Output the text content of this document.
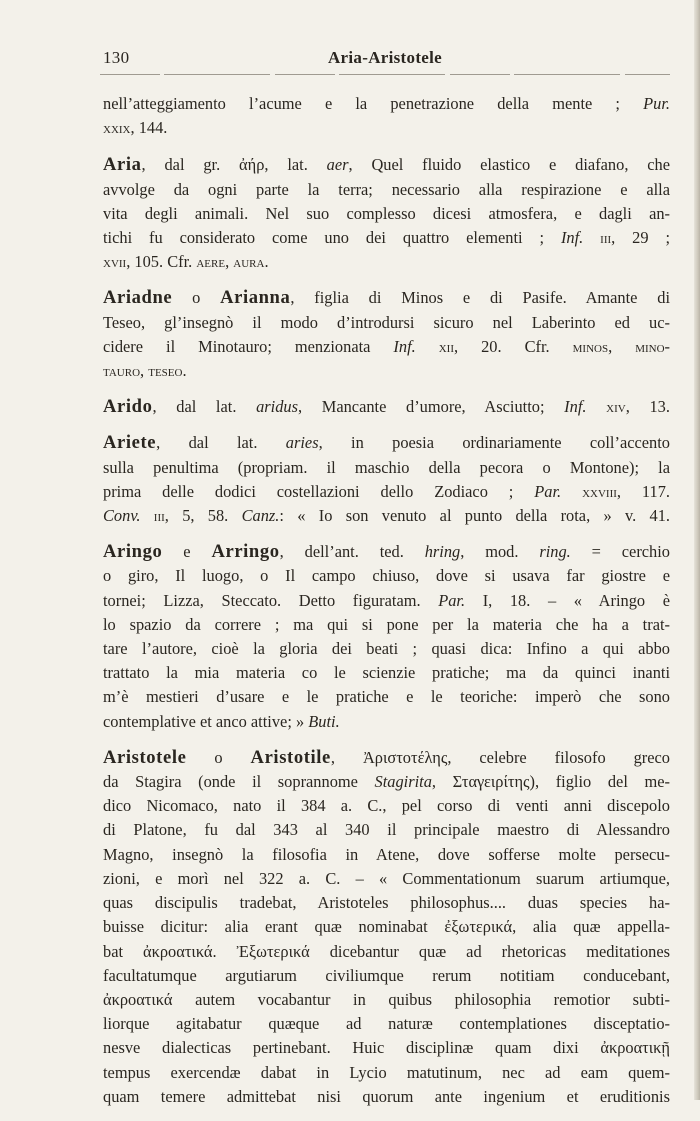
130	Aria-Aristotele
nell’atteggiamento l’acume e la penetrazione della mente ; Pur.
xxix, 144.
Aria, dal gr. ἀήρ, lat. aer, Quel fluido elastico e diafano, che
avvolge da ogni parte la terra; necessario alla respirazione e alla
vita degli animali. Nel suo complesso dicesi atmosfera, e dagli an-
tichi fu considerato come uno dei quattro elementi ; Inf. iii, 29 ;
xvii, 105. Cfr. aere, aura.
Ariadne o Arianna, figlia di Minos e di Pasife. Amante di
Teseo, gl’insegnò il modo d’introdursi sicuro nel Laberinto ed uc-
cidere il Minotauro; menzionata Inf. xii, 20. Cfr. minos, mino-
tauro, teseo.
Arido, dal lat. aridus, Mancante d’umore, Asciutto; Inf. xiv, 13.
Ariete, dal lat. aries, in poesia ordinariamente coll’accento
sulla penultima (propriam. il maschio della pecora o Montone); la
prima delle dodici costellazioni dello Zodiaco ; Par. xxviii, 117.
Conv. iii, 5, 58. Canz.: « Io son venuto al punto della rota, » v. 41.
Aringo e Arringo, dell’ant. ted. hring, mod. ring. = cerchio
o giro, Il luogo, o Il campo chiuso, dove si usava far giostre e
tornei; Lizza, Steccato. Detto figuratam. Par. I, 18. – « Aringo è
lo spazio da correre ; ma qui si pone per la materia che ha a trat-
tare l’autore, cioè la gloria dei beati ; quasi dica: Infino a qui abbo
trattato la mia materia co le scienzie pratiche; ma da quinci inanti
m’è mestieri d’usare e le pratiche e le teoriche: imperò che sono
contemplative et anco attive; » Buti.
Aristotele o Aristotile, Ἀριστοτέλης, celebre filosofo greco
da Stagira (onde il soprannome Stagirita, Σταγειρίτης), figlio del me-
dico Nicomaco, nato il 384 a. C., pel corso di venti anni discepolo
di Platone, fu dal 343 al 340 il principale maestro di Alessandro
Magno, insegnò la filosofia in Atene, dove sofferse molte persecu-
zioni, e morì nel 322 a. C. – « Commentationum suarum artiumque,
quas discipulis tradebat, Aristoteles philosophus.... duas species ha-
buisse dicitur: alia erant quæ nominabat ἐξωτερικά, alia quæ appella-
bat ἀκροατικά. Ἐξωτερικά dicebantur quæ ad rhetoricas meditationes
facultatumque argutiarum civiliumque rerum notitiam conducebant,
ἀκροατικά autem vocabantur in quibus philosophia remotior subti-
liorque agitabatur quæque ad naturæ contemplationes disceptatio-
nesve dialecticas pertinebant. Huic disciplinæ quam dixi ἀκροατικῇ
tempus exercendæ dabat in Lycio matutinum, nec ad eam quem-
quam temere admittebat nisi quorum ante ingenium et eruditionis
